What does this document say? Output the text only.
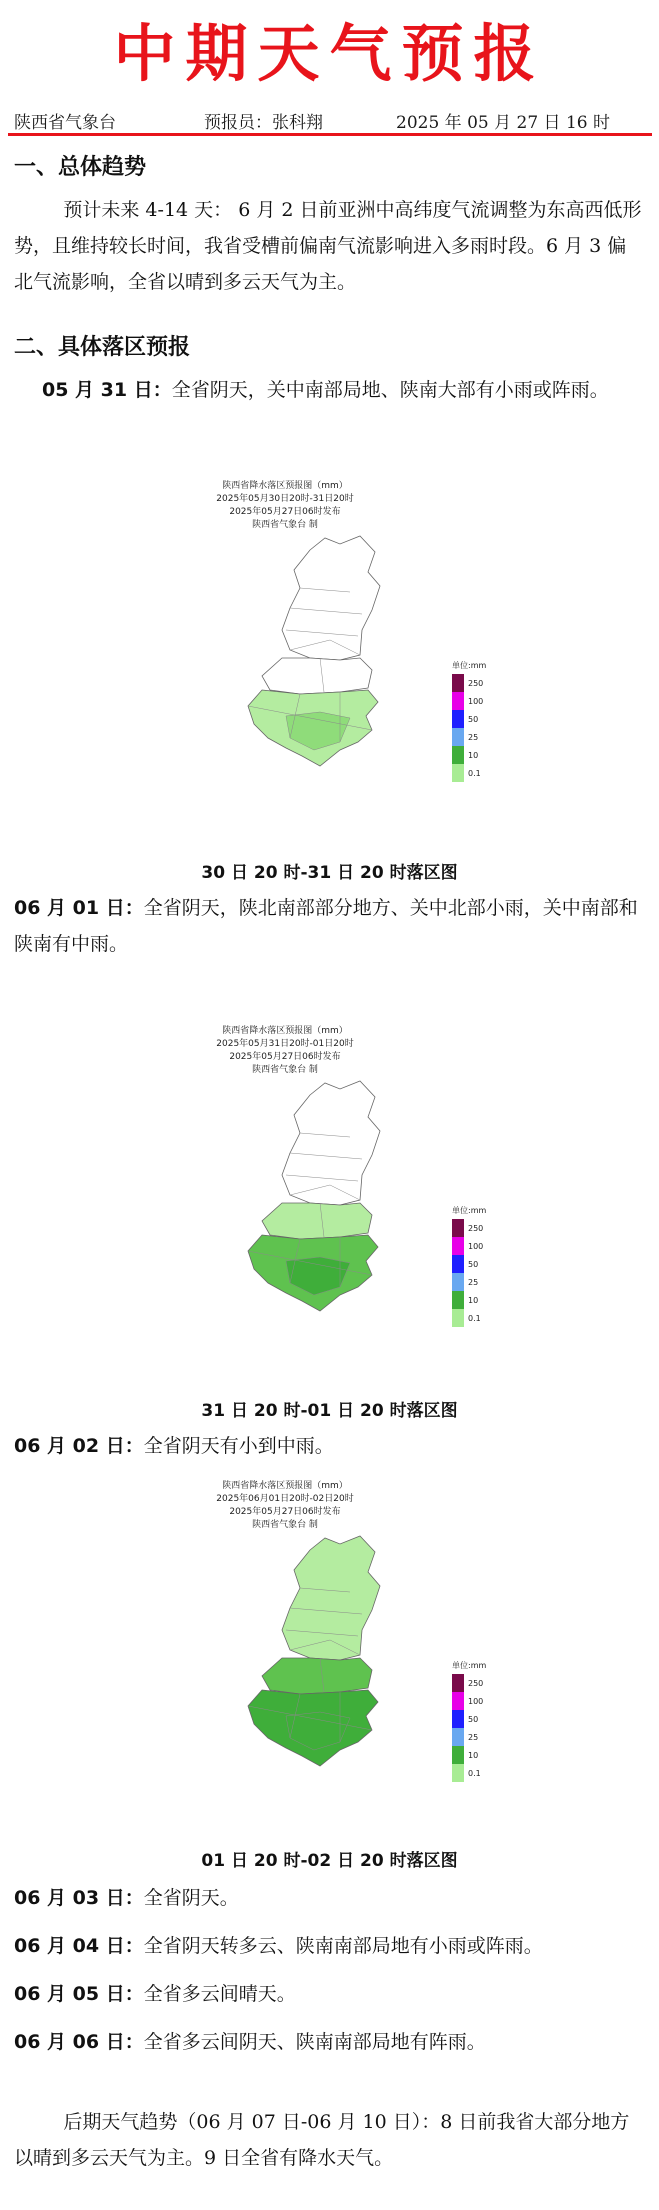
中期天气预报
陕西省气象台	预报员：张科翔	2025 年 05 月 27 日 16 时
一、总体趋势
预计未来 4-14 天： 6 月 2 日前亚洲中高纬度气流调整为东高西低形势，且维持较长时间，我省受槽前偏南气流影响进入多雨时段。6 月 3 偏北气流影响，全省以晴到多云天气为主。
二、具体落区预报
05 月 31 日：全省阴天，关中南部局地、陕南大部有小雨或阵雨。
陕西省降水落区预报图（mm）
2025年05月30日20时-31日20时
2025年05月27日06时发布
陕西省气象台 制
单位:mm
250
100
50
25
10
0.1
30 日 20 时-31 日 20 时落区图
06 月 01 日：全省阴天，陕北南部部分地方、关中北部小雨，关中南部和陕南有中雨。
陕西省降水落区预报图（mm）
2025年05月31日20时-01日20时
2025年05月27日06时发布
陕西省气象台 制
单位:mm
250
100
50
25
10
0.1
31 日 20 时-01 日 20 时落区图
06 月 02 日：全省阴天有小到中雨。
陕西省降水落区预报图（mm）
2025年06月01日20时-02日20时
2025年05月27日06时发布
陕西省气象台 制
单位:mm
250
100
50
25
10
0.1
01 日 20 时-02 日 20 时落区图
06 月 03 日：全省阴天。
06 月 04 日：全省阴天转多云、陕南南部局地有小雨或阵雨。
06 月 05 日：全省多云间晴天。
06 月 06 日：全省多云间阴天、陕南南部局地有阵雨。
后期天气趋势（06 月 07 日-06 月 10 日）：8 日前我省大部分地方以晴到多云天气为主。9 日全省有降水天气。
